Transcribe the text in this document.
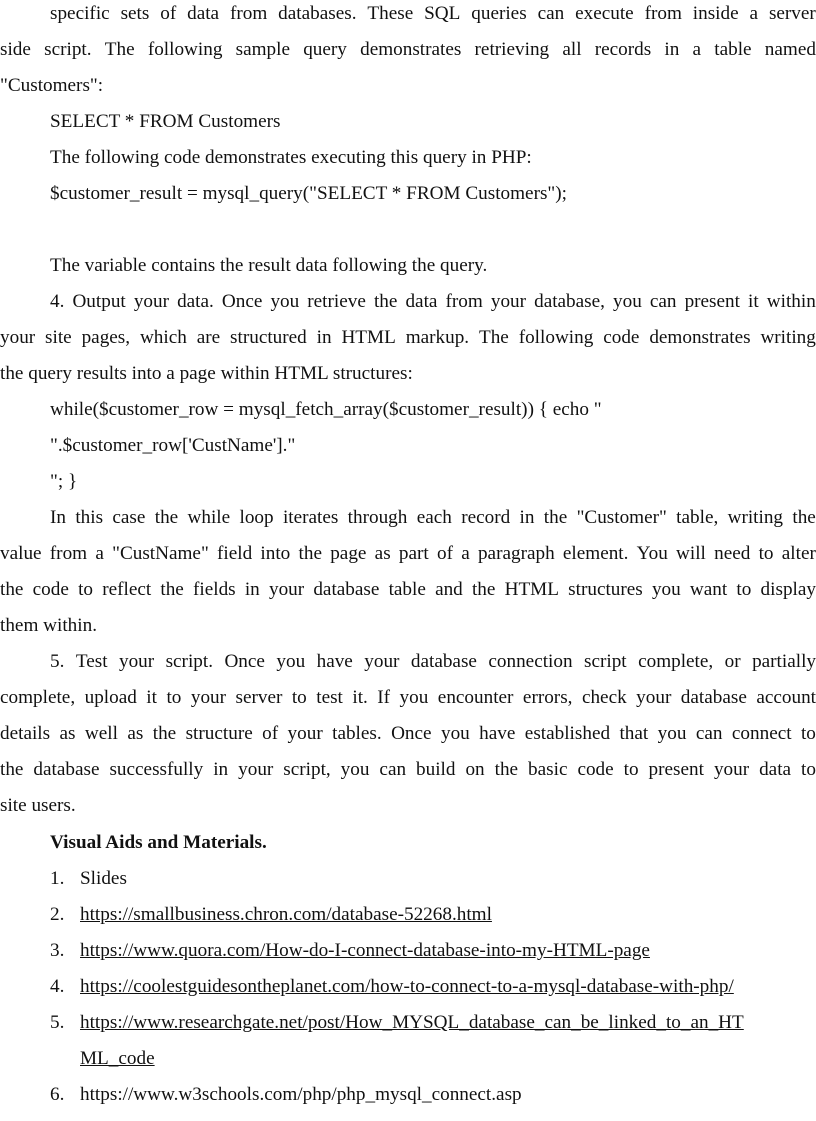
specific sets of data from databases. These SQL queries can execute from inside a server
side script. The following sample query demonstrates retrieving all records in a table named
"Customers":
SELECT * FROM Customers
The following code demonstrates executing this query in PHP:
$customer_result = mysql_query("SELECT * FROM Customers");
The variable contains the result data following the query.
4. Output your data. Once you retrieve the data from your database, you can present it within
your site pages, which are structured in HTML markup. The following code demonstrates writing
the query results into a page within HTML structures:
while($customer_row = mysql_fetch_array($customer_result)) { echo "
".$customer_row['CustName']."
"; }
In this case the while loop iterates through each record in the "Customer" table, writing the
value from a "CustName" field into the page as part of a paragraph element. You will need to alter
the code to reflect the fields in your database table and the HTML structures you want to display
them within.
5. Test your script. Once you have your database connection script complete, or partially
complete, upload it to your server to test it. If you encounter errors, check your database account
details as well as the structure of your tables. Once you have established that you can connect to
the database successfully in your script, you can build on the basic code to present your data to
site users.
Visual Aids and Materials.
1. Slides
2. https://smallbusiness.chron.com/database-52268.html
3. https://www.quora.com/How-do-I-connect-database-into-my-HTML-page
4. https://coolestguidesontheplanet.com/how-to-connect-to-a-mysql-database-with-php/
5. https://www.researchgate.net/post/How_MYSQL_database_can_be_linked_to_an_HT
ML_code
6. https://www.w3schools.com/php/php_mysql_connect.asp
